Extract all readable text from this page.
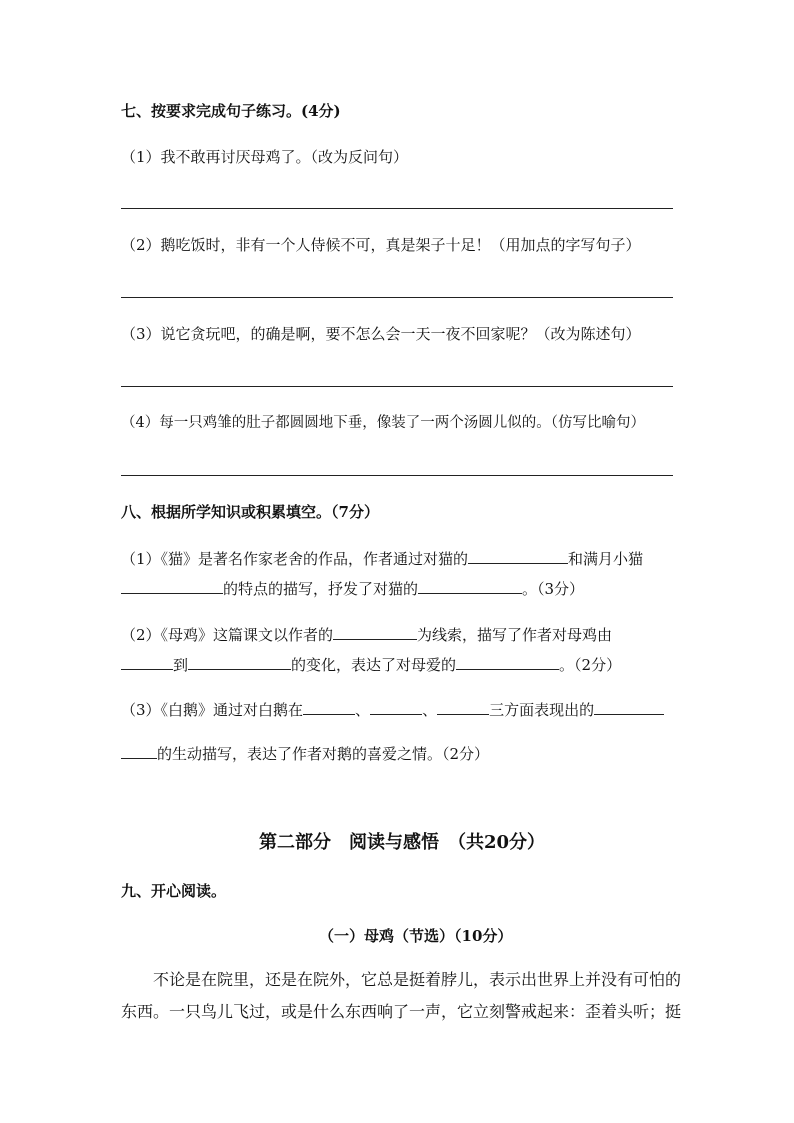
七、按要求完成句子练习。(4分)
（1）我不敢再讨厌母鸡了。（改为反问句）
（2）鹅吃饭时，非有一个人侍候不可，真是架子十足！（用加点的字写句子）
（3）说它贪玩吧，的确是啊，要不怎么会一天一夜不回家呢？（改为陈述句）
（4）每一只鸡雏的肚子都圆圆地下垂，像装了一两个汤圆儿似的。（仿写比喻句）
八、根据所学知识或积累填空。（7分）
（1）《猫》是著名作家老舍的作品，作者通过对猫的	和满月小猫
的特点的描写，抒发了对猫的	。（3分）
（2）《母鸡》这篇课文以作者的	为线索，描写了作者对母鸡由
到	的变化，表达了对母爱的	。（2分）
（3）《白鹅》通过对白鹅在	、	、	三方面表现出的
的生动描写，表达了作者对鹅的喜爱之情。（2分）
第二部分　阅读与感悟　（共20分）
九、开心阅读。
（一）母鸡（节选）（10分）
不论是在院里，还是在院外，它总是挺着脖儿，表示出世界上并没有可怕的
东西。一只鸟儿飞过，或是什么东西响了一声，它立刻警戒起来：歪着头听；挺
